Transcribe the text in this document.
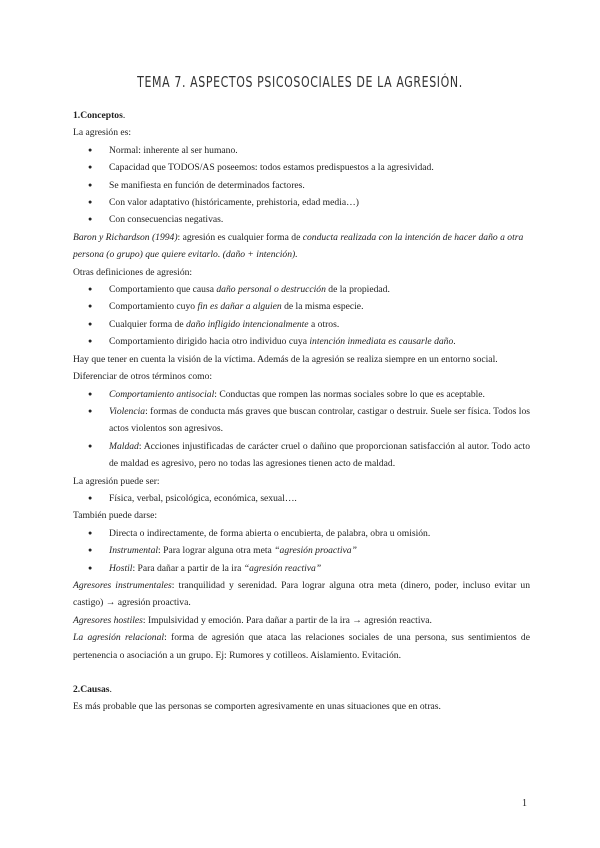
TEMA 7. ASPECTOS PSICOSOCIALES DE LA AGRESIÓN.

1.Conceptos.

La agresión es:

● Normal: inherente al ser humano.
● Capacidad que TODOS/AS poseemos: todos estamos predispuestos a la agresividad.
● Se manifiesta en función de determinados factores.
● Con valor adaptativo (históricamente, prehistoria, edad media…)
● Con consecuencias negativas.

Baron y Richardson (1994): agresión es cualquier forma de conducta realizada con la intención de hacer daño a otra persona (o grupo) que quiere evitarlo. (daño + intención).

Otras definiciones de agresión:

● Comportamiento que causa daño personal o destrucción de la propiedad.
● Comportamiento cuyo fin es dañar a alguien de la misma especie.
● Cualquier forma de daño infligido intencionalmente a otros.
● Comportamiento dirigido hacia otro individuo cuya intención inmediata es causarle daño.

Hay que tener en cuenta la visión de la víctima. Además de la agresión se realiza siempre en un entorno social.

Diferenciar de otros términos como:

● Comportamiento antisocial: Conductas que rompen las normas sociales sobre lo que es aceptable.
● Violencia: formas de conducta más graves que buscan controlar, castigar o destruir. Suele ser física. Todos los actos violentos son agresivos.
● Maldad: Acciones injustificadas de carácter cruel o dañino que proporcionan satisfacción al autor. Todo acto de maldad es agresivo, pero no todas las agresiones tienen acto de maldad.

La agresión puede ser:

● Física, verbal, psicológica, económica, sexual….

También puede darse:

● Directa o indirectamente, de forma abierta o encubierta, de palabra, obra u omisión.
● Instrumental: Para lograr alguna otra meta “agresión proactiva”
● Hostil: Para dañar a partir de la ira “agresión reactiva”

Agresores instrumentales: tranquilidad y serenidad. Para lograr alguna otra meta (dinero, poder, incluso evitar un castigo) → agresión proactiva.

Agresores hostiles: Impulsividad y emoción. Para dañar a partir de la ira → agresión reactiva.

La agresión relacional: forma de agresión que ataca las relaciones sociales de una persona, sus sentimientos de pertenencia o asociación a un grupo. Ej: Rumores y cotilleos. Aislamiento. Evitación.

2.Causas.

Es más probable que las personas se comporten agresivamente en unas situaciones que en otras.

1
